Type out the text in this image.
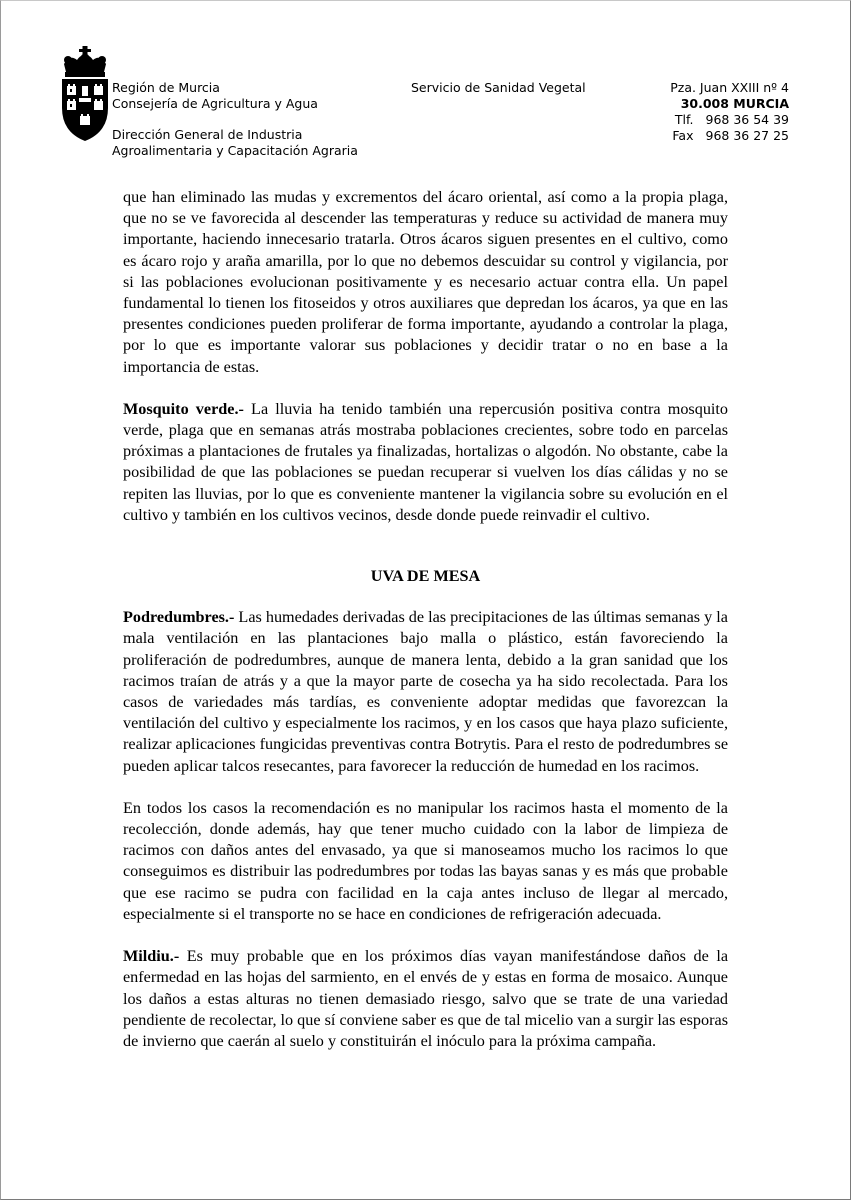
Región de Murcia
Consejería de Agricultura y Agua
Dirección General de Industria
Agroalimentaria y Capacitación Agraria
Servicio de Sanidad Vegetal	Pza. Juan XXIII nº 4
30.008 MURCIA
Tlf. 968 36 54 39
Fax 968 36 27 25

que han eliminado las mudas y excrementos del ácaro oriental, así como a la propia plaga, que no se ve favorecida al descender las temperaturas y reduce su actividad de manera muy importante, haciendo innecesario tratarla. Otros ácaros siguen presentes en el cultivo, como es ácaro rojo y araña amarilla, por lo que no debemos descuidar su control y vigilancia, por si las poblaciones evolucionan positivamente y es necesario actuar contra ella. Un papel fundamental lo tienen los fitoseidos y otros auxiliares que depredan los ácaros, ya que en las presentes condiciones pueden proliferar de forma importante, ayudando a controlar la plaga, por lo que es importante valorar sus poblaciones y decidir tratar o no en base a la importancia de estas.

Mosquito verde.- La lluvia ha tenido también una repercusión positiva contra mosquito verde, plaga que en semanas atrás mostraba poblaciones crecientes, sobre todo en parcelas próximas a plantaciones de frutales ya finalizadas, hortalizas o algodón. No obstante, cabe la posibilidad de que las poblaciones se puedan recuperar si vuelven los días cálidas y no se repiten las lluvias, por lo que es conveniente mantener la vigilancia sobre su evolución en el cultivo y también en los cultivos vecinos, desde donde puede reinvadir el cultivo.

UVA DE MESA

Podredumbres.- Las humedades derivadas de las precipitaciones de las últimas semanas y la mala ventilación en las plantaciones bajo malla o plástico, están favoreciendo la proliferación de podredumbres, aunque de manera lenta, debido a la gran sanidad que los racimos traían de atrás y a que la mayor parte de cosecha ya ha sido recolectada. Para los casos de variedades más tardías, es conveniente adoptar medidas que favorezcan la ventilación del cultivo y especialmente los racimos, y en los casos que haya plazo suficiente, realizar aplicaciones fungicidas preventivas contra Botrytis. Para el resto de podredumbres se pueden aplicar talcos resecantes, para favorecer la reducción de humedad en los racimos.

En todos los casos la recomendación es no manipular los racimos hasta el momento de la recolección, donde además, hay que tener mucho cuidado con la labor de limpieza de racimos con daños antes del envasado, ya que si manoseamos mucho los racimos lo que conseguimos es distribuir las podredumbres por todas las bayas sanas y es más que probable que ese racimo se pudra con facilidad en la caja antes incluso de llegar al mercado, especialmente si el transporte no se hace en condiciones de refrigeración adecuada.

Mildiu.- Es muy probable que en los próximos días vayan manifestándose daños de la enfermedad en las hojas del sarmiento, en el envés de y estas en forma de mosaico. Aunque los daños a estas alturas no tienen demasiado riesgo, salvo que se trate de una variedad pendiente de recolectar, lo que sí conviene saber es que de tal micelio van a surgir las esporas de invierno que caerán al suelo y constituirán el inóculo para la próxima campaña.
